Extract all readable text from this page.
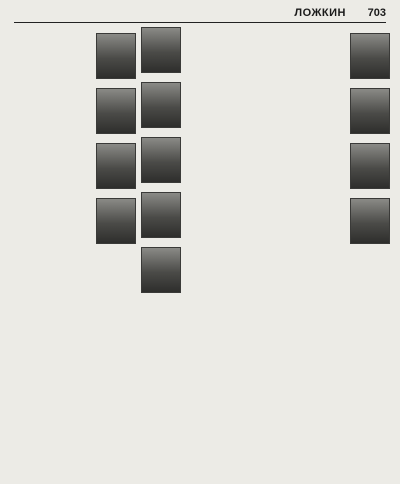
ЛОЖКИН 703
